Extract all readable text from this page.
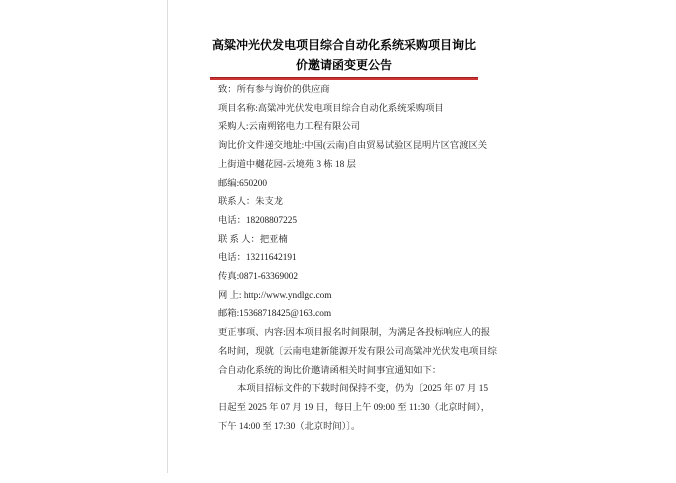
高粱冲光伏发电项目综合自动化系统采购项目询比
价邀请函变更公告
致：所有参与询价的供应商
项目名称:高粱冲光伏发电项目综合自动化系统采购项目
采购人:云南朔铭电力工程有限公司
询比价文件递交地址:中国(云南)自由贸易试验区昆明片区官渡区关
上街道中樾花园-云境苑 3 栋 18 层
邮编:650200
联系人：朱支龙
电话：18208807225
联 系 人：把亚楠
电话：13211642191
传真:0871-63369002
网 上: http://www.yndlgc.com
邮箱:15368718425@163.com
更正事项、内容:因本项目报名时间限制，为满足各投标响应人的报
名时间，现就〔云南电建新能源开发有限公司高粱冲光伏发电项目综
合自动化系统的询比价邀请函相关时间事宜通知如下：
本项目招标文件的下载时间保持不变，仍为〔2025 年 07 月 15
日起至 2025 年 07 月 19 日，每日上午 09:00 至 11:30（北京时间），
下午 14:00 至 17:30（北京时间）〕。
